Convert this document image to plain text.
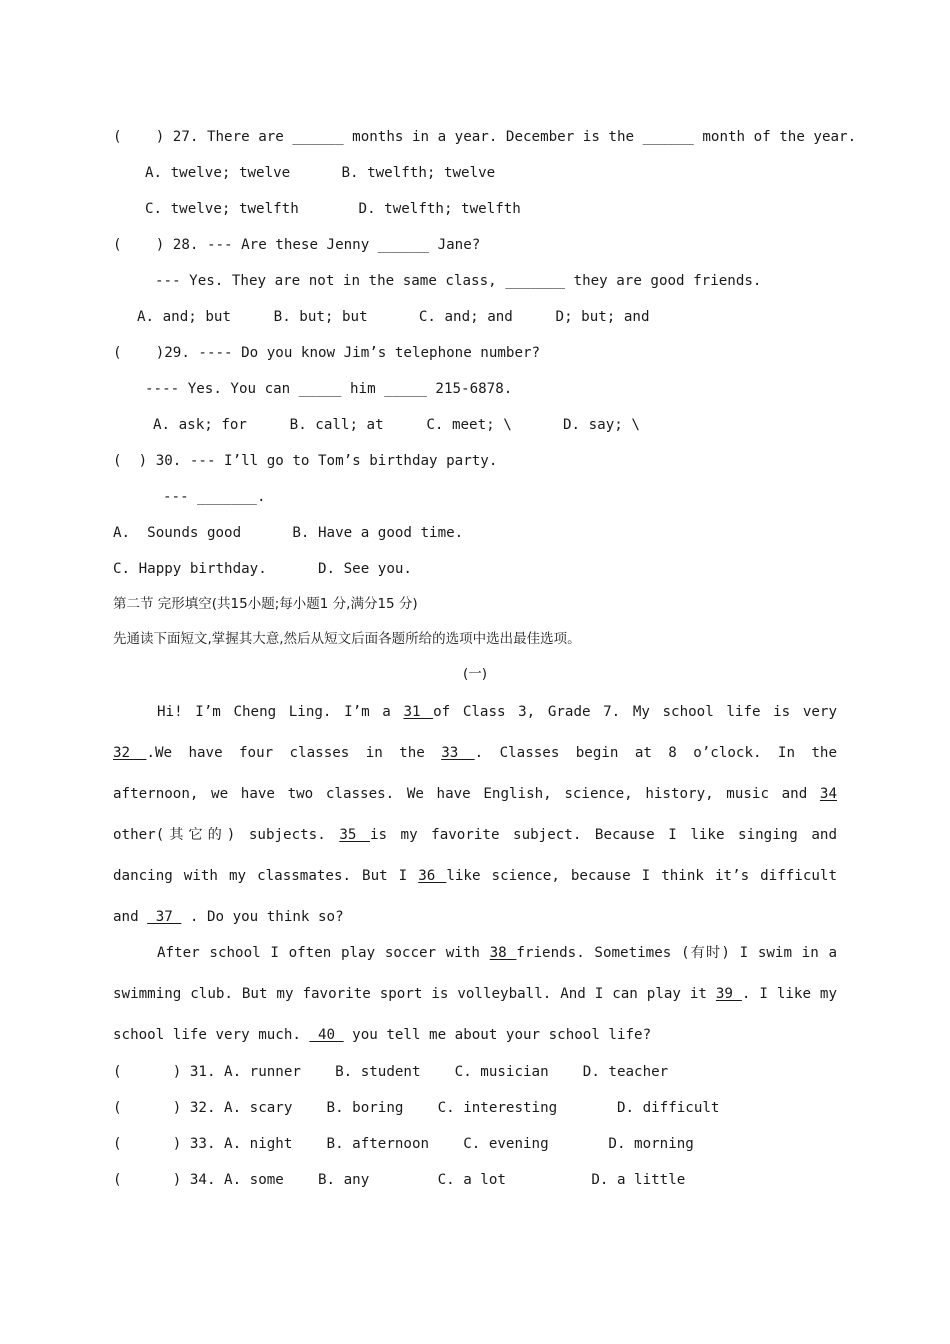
(    ) 27. There are ______ months in a year. December is the ______ month of the year.
A. twelve; twelve      B. twelfth; twelve
C. twelve; twelfth       D. twelfth; twelfth
(    ) 28. --- Are these Jenny ______ Jane?
--- Yes. They are not in the same class, _______ they are good friends.
A. and; but     B. but; but      C. and; and     D; but; and
(    )29. ---- Do you know Jim’s telephone number?
---- Yes. You can _____ him _____ 215-6878.
A. ask; for     B. call; at     C. meet; \      D. say; \
(  ) 30. --- I’ll go to Tom’s birthday party.
--- _______.
A.  Sounds good      B. Have a good time.
C. Happy birthday.      D. See you.
第二节 完形填空(共15小题;每小题1 分,满分15 分)
先通读下面短文,掌握其大意,然后从短文后面各题所给的选项中选出最佳选项。
(一)
Hi! I’m Cheng Ling. I’m a 31 of Class 3, Grade 7. My school life is very
32 .We have four classes in the 33 . Classes begin at 8 o’clock. In the
afternoon, we have two classes. We have English, science, history, music and 34
other(其它的) subjects. 35 is my favorite subject. Because I like singing and
dancing with my classmates. But I 36 like science, because I think it’s difficult
and  37  . Do you think so?
After school I often play soccer with 38 friends. Sometimes (有时) I swim in a
swimming club. But my favorite sport is volleyball. And I can play it 39 . I like my
school life very much.  40  you tell me about your school life?
(      ) 31. A. runner    B. student    C. musician    D. teacher
(      ) 32. A. scary    B. boring    C. interesting       D. difficult
(      ) 33. A. night    B. afternoon    C. evening       D. morning
(      ) 34. A. some    B. any        C. a lot          D. a little
